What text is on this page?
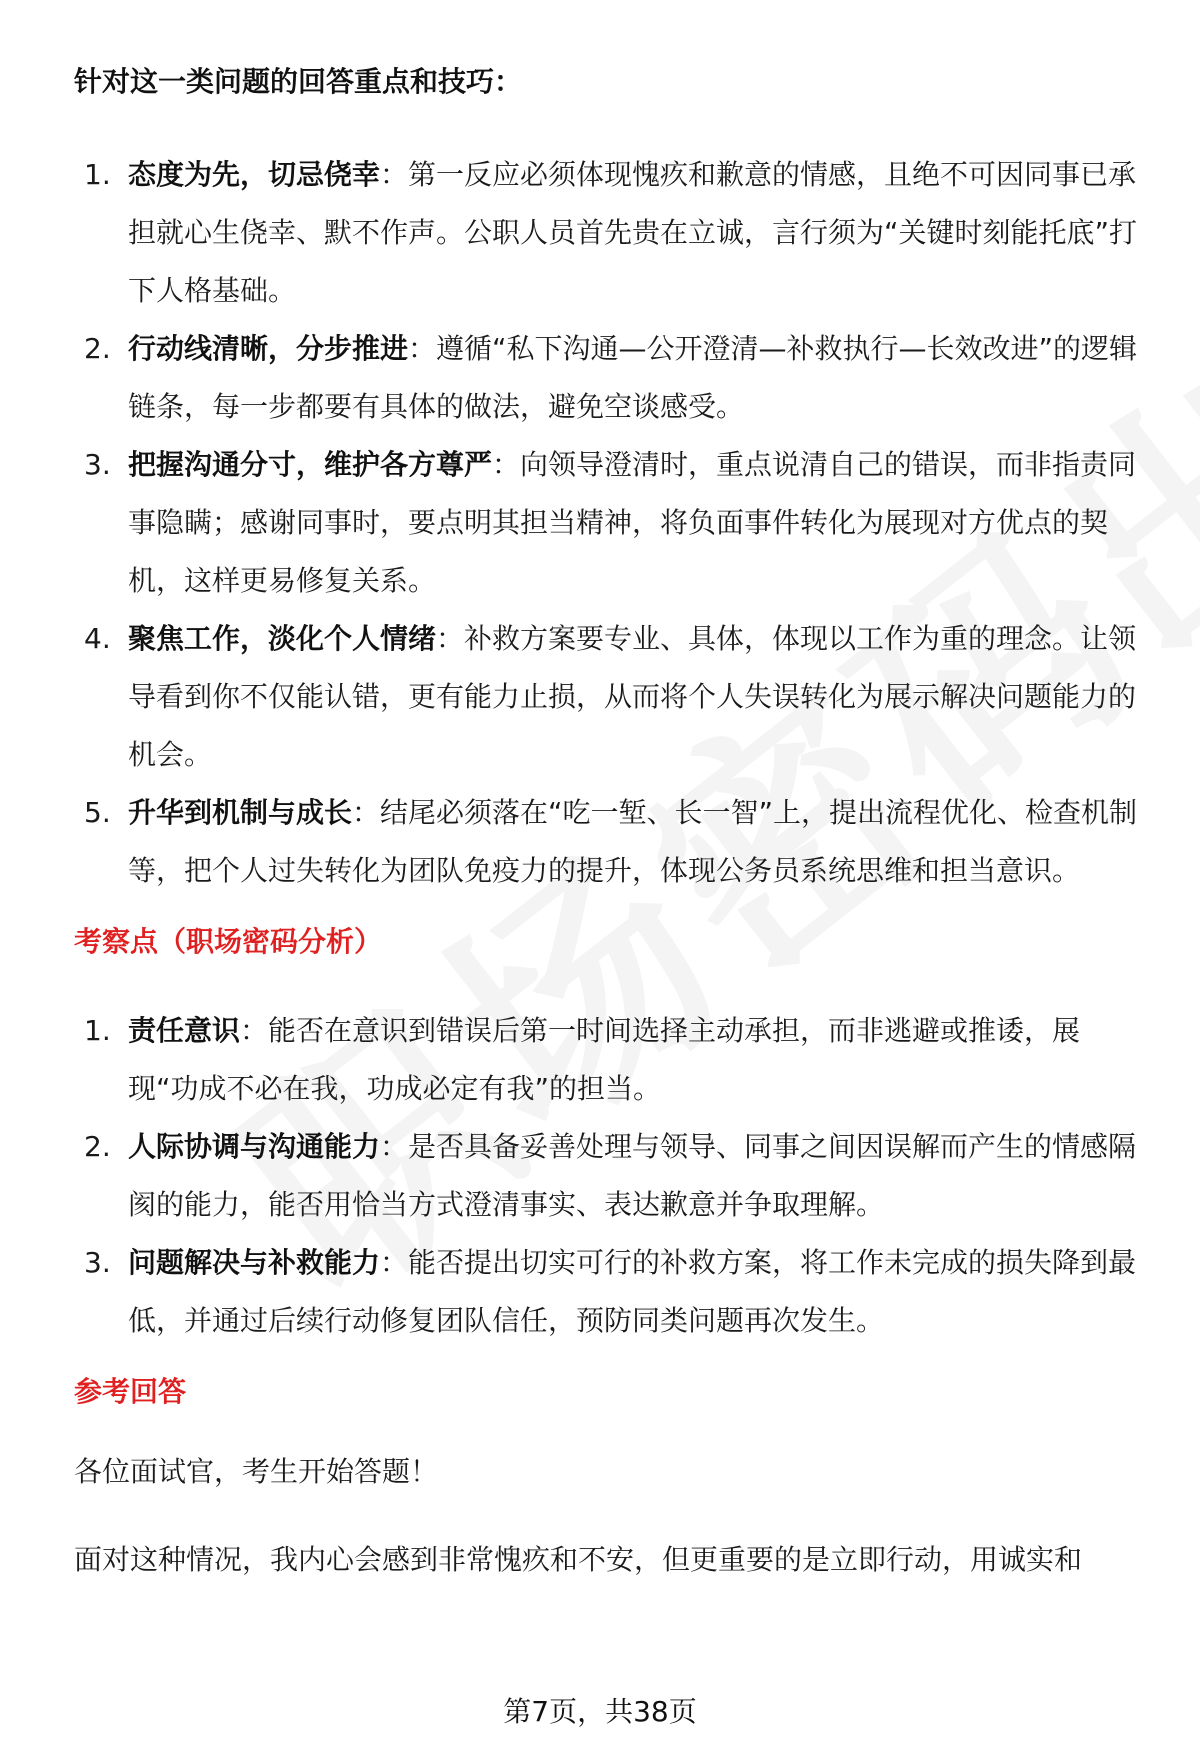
针对这一类问题的回答重点和技巧：

1. 态度为先，切忌侥幸：第一反应必须体现愧疚和歉意的情感，且绝不可因同事已承担就心生侥幸、默不作声。公职人员首先贵在立诚，言行须为“关键时刻能托底”打下人格基础。
2. 行动线清晰，分步推进：遵循“私下沟通—公开澄清—补救执行—长效改进”的逻辑链条，每一步都要有具体的做法，避免空谈感受。
3. 把握沟通分寸，维护各方尊严：向领导澄清时，重点说清自己的错误，而非指责同事隐瞒；感谢同事时，要点明其担当精神，将负面事件转化为展现对方优点的契机，这样更易修复关系。
4. 聚焦工作，淡化个人情绪：补救方案要专业、具体，体现以工作为重的理念。让领导看到你不仅能认错，更有能力止损，从而将个人失误转化为展示解决问题能力的机会。
5. 升华到机制与成长：结尾必须落在“吃一堑、长一智”上，提出流程优化、检查机制等，把个人过失转化为团队免疫力的提升，体现公务员系统思维和担当意识。

考察点（职场密码分析）

1. 责任意识：能否在意识到错误后第一时间选择主动承担，而非逃避或推诿，展现“功成不必在我，功成必定有我”的担当。
2. 人际协调与沟通能力：是否具备妥善处理与领导、同事之间因误解而产生的情感隔阂的能力，能否用恰当方式澄清事实、表达歉意并争取理解。
3. 问题解决与补救能力：能否提出切实可行的补救方案，将工作未完成的损失降到最低，并通过后续行动修复团队信任，预防同类问题再次发生。

参考回答

各位面试官，考生开始答题！

面对这种情况，我内心会感到非常愧疚和不安，但更重要的是立即行动，用诚实和

第7页，共38页
